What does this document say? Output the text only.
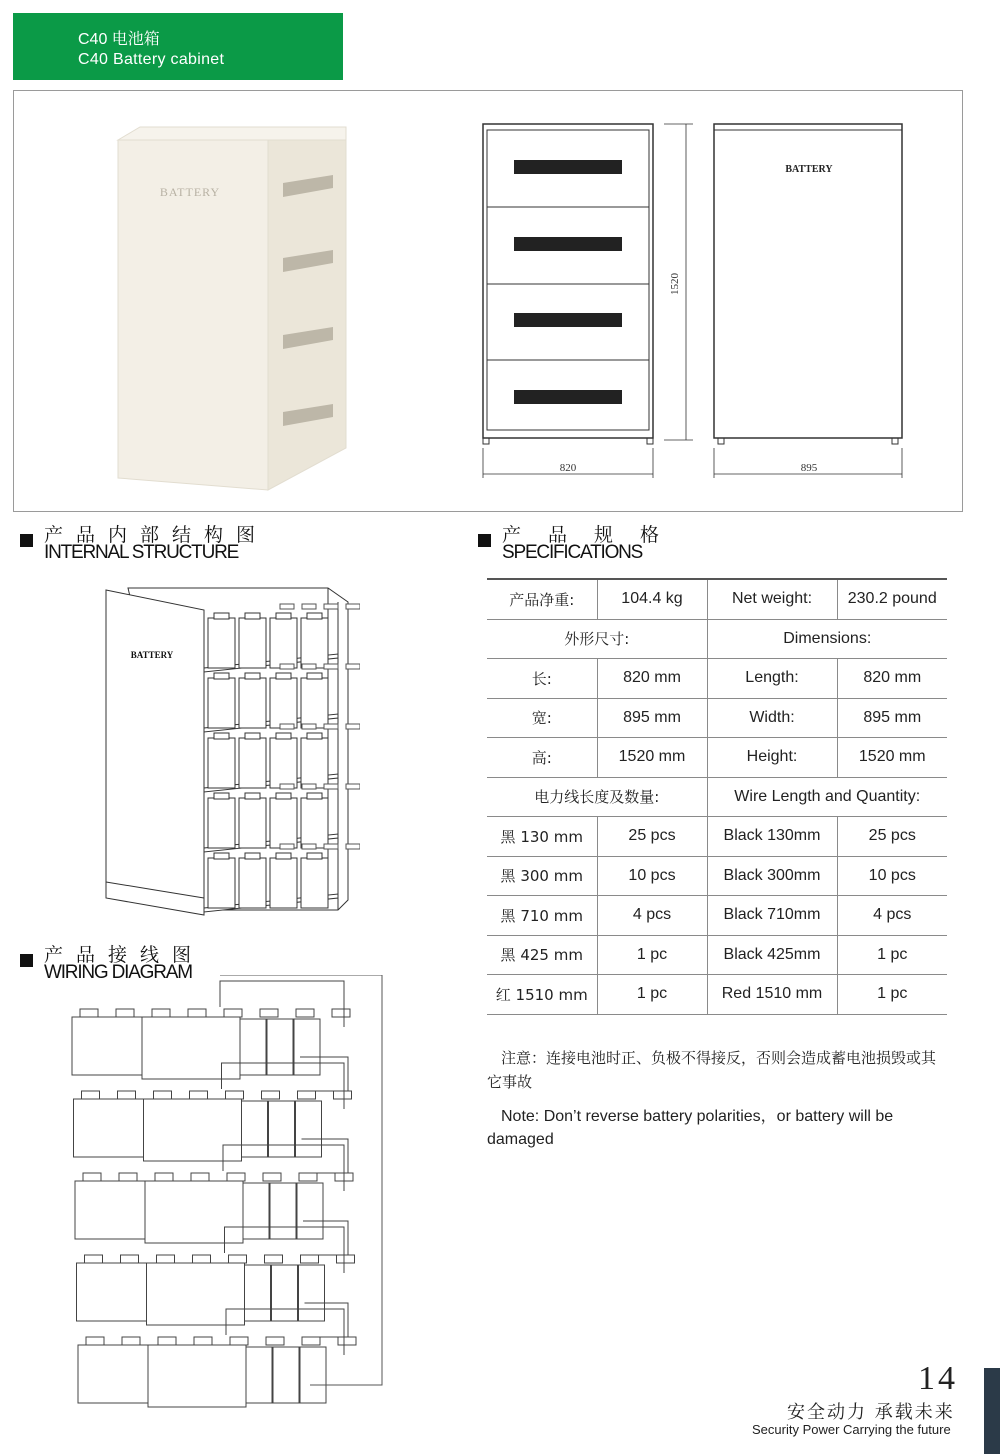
C40 电池箱
C40 Battery cabinet
BATTERY
820
1520
BATTERY
895
产品内部结构图
INTERNAL STRUCTURE
BATTERY
产品接线图
WIRING DIAGRAM
产品规格
SPECIFICATIONS
产品净重:	104.4 kg	Net weight:	230.2 pound
外形尺寸:		Dimensions:	
长:	820 mm	Length:	820 mm
宽:	895 mm	Width:	895 mm
高:	1520 mm	Height:	1520 mm
电力线长度及数量:		Wire Length and Quantity:	
黑 130 mm	25 pcs	Black 130mm	25 pcs
黑 300 mm	10 pcs	Black 300mm	10 pcs
黑 710 mm	4 pcs	Black 710mm	4 pcs
黑 425 mm	1 pc	Black 425mm	1 pc
红 1510 mm	1 pc	Red 1510 mm	1 pc
注意：连接电池时正、负极不得接反，否则会造成蓄电池损毁或其它事故
Note: Don’t reverse battery polarities，or battery will be damaged
14
安全动力 承载未来
Security Power Carrying the future
